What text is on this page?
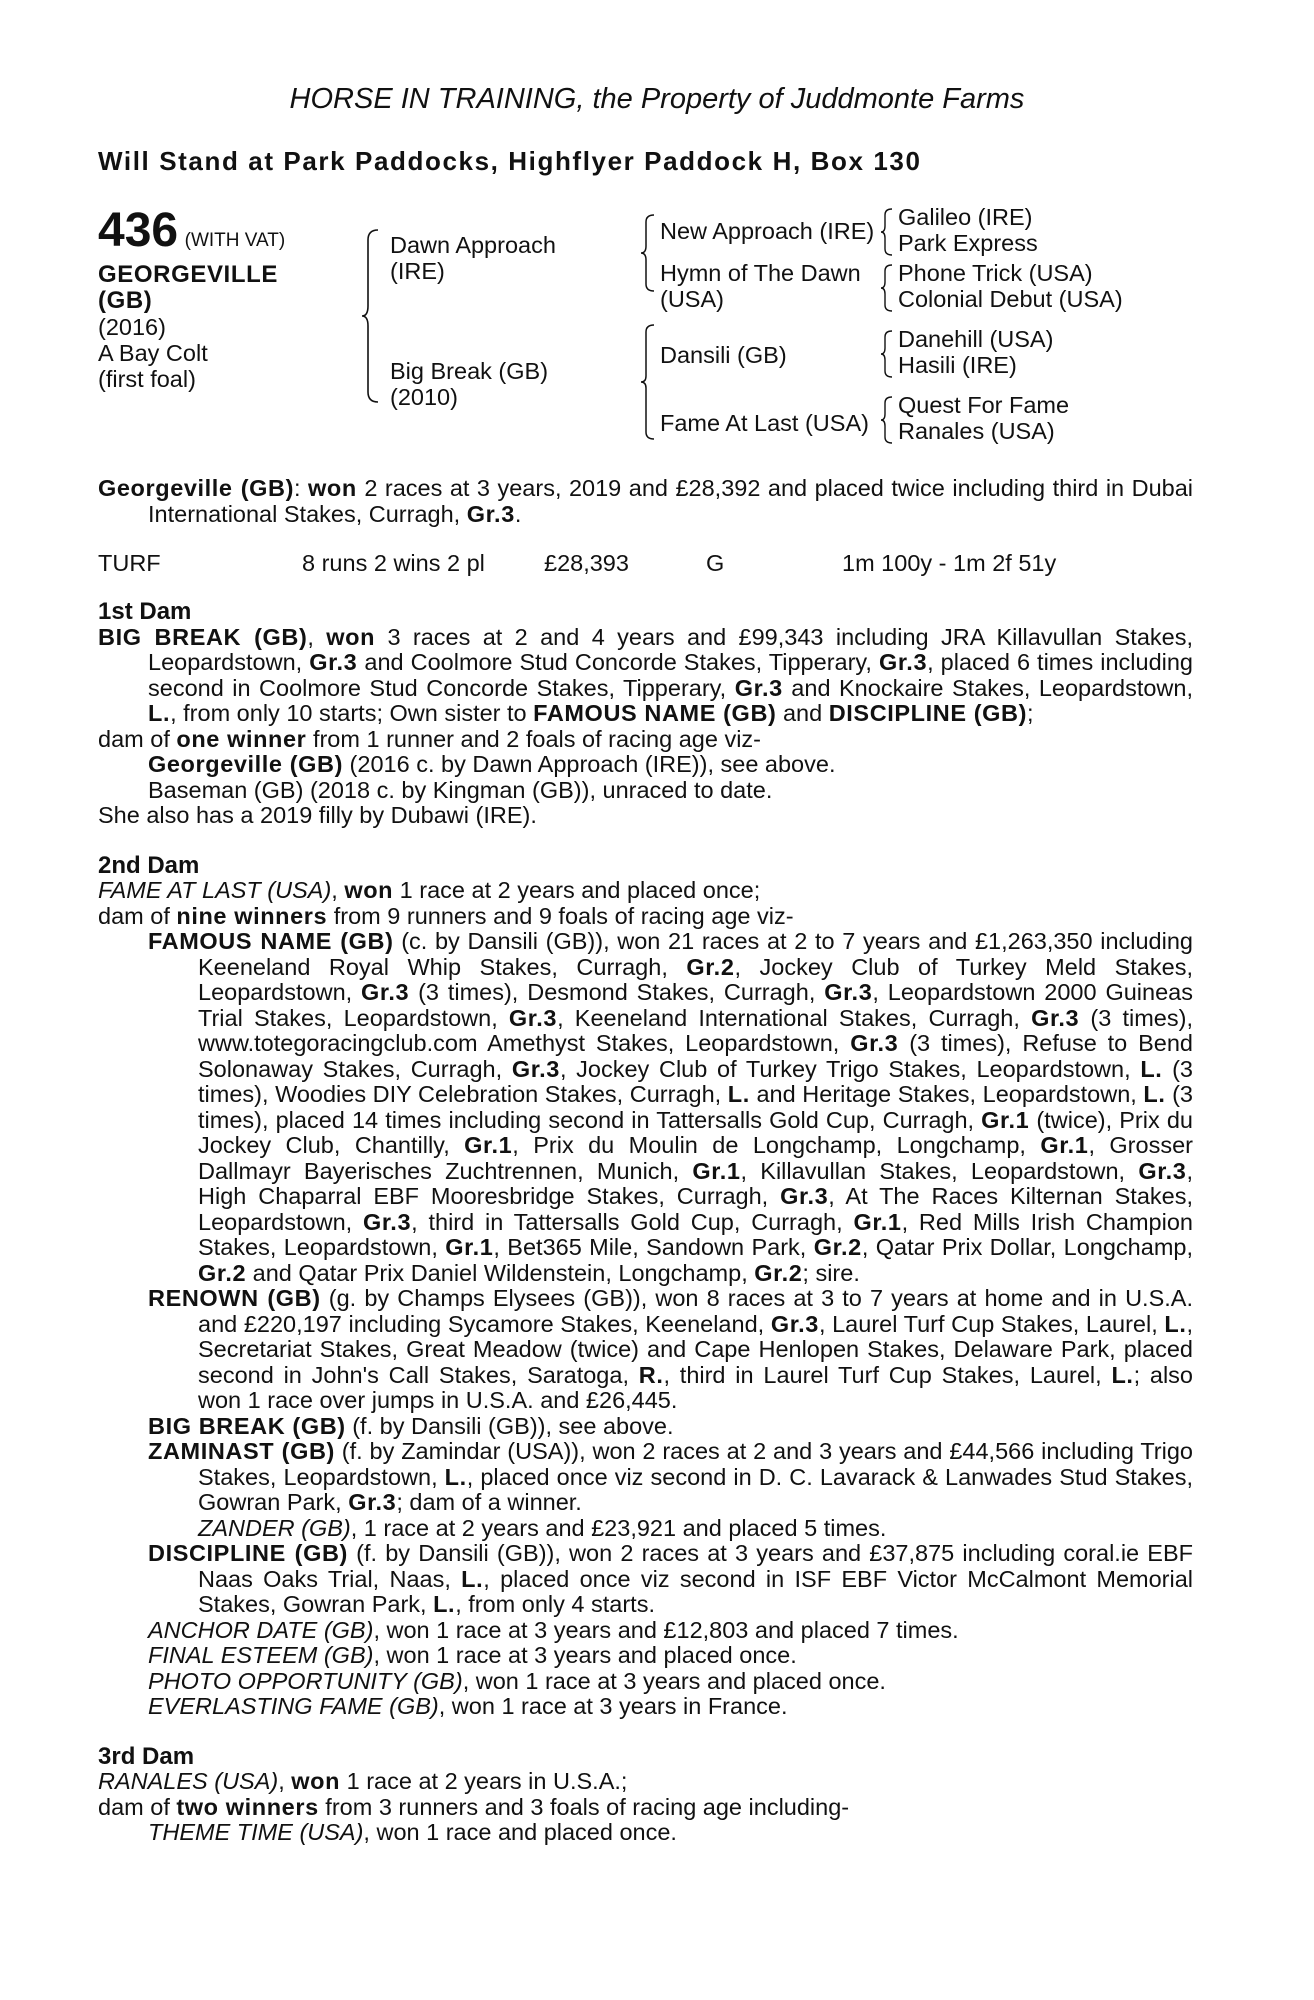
HORSE IN TRAINING, the Property of Juddmonte Farms
Will Stand at Park Paddocks, Highflyer Paddock H, Box 130
436 (WITH VAT)
GEORGEVILLE
(GB)
(2016)
A Bay Colt
(first foal)
Dawn Approach
(IRE)
Big Break (GB)
(2010)
New Approach (IRE)
Hymn of The Dawn
(USA)
Dansili (GB)
Fame At Last (USA)
Galileo (IRE)
Park Express
Phone Trick (USA)
Colonial Debut (USA)
Danehill (USA)
Hasili (IRE)
Quest For Fame
Ranales (USA)

Georgeville (GB): won 2 races at 3 years, 2019 and £28,392 and placed twice including third in Dubai International Stakes, Curragh, Gr.3.

TURF	8 runs 2 wins 2 pl	£28,393	G	1m 100y - 1m 2f 51y
1st Dam

BIG BREAK (GB), won 3 races at 2 and 4 years and £99,343 including JRA Killavullan Stakes, Leopardstown, Gr.3 and Coolmore Stud Concorde Stakes, Tipperary, Gr.3, placed 6 times including second in Coolmore Stud Concorde Stakes, Tipperary, Gr.3 and Knockaire Stakes, Leopardstown, L., from only 10 starts; Own sister to FAMOUS NAME (GB) and DISCIPLINE (GB);

dam of one winner from 1 runner and 2 foals of racing age viz-

Georgeville (GB) (2016 c. by Dawn Approach (IRE)), see above.

Baseman (GB) (2018 c. by Kingman (GB)), unraced to date.

She also has a 2019 filly by Dubawi (IRE).

2nd Dam

FAME AT LAST (USA), won 1 race at 2 years and placed once;

dam of nine winners from 9 runners and 9 foals of racing age viz-

FAMOUS NAME (GB) (c. by Dansili (GB)), won 21 races at 2 to 7 years and £1,263,350 including Keeneland Royal Whip Stakes, Curragh, Gr.2, Jockey Club of Turkey Meld Stakes, Leopardstown, Gr.3 (3 times), Desmond Stakes, Curragh, Gr.3, Leopardstown 2000 Guineas Trial Stakes, Leopardstown, Gr.3, Keeneland International Stakes, Curragh, Gr.3 (3 times), www.totegoracingclub.com Amethyst Stakes, Leopardstown, Gr.3 (3 times), Refuse to Bend Solonaway Stakes, Curragh, Gr.3, Jockey Club of Turkey Trigo Stakes, Leopardstown, L. (3 times), Woodies DIY Celebration Stakes, Curragh, L. and Heritage Stakes, Leopardstown, L. (3 times), placed 14 times including second in Tattersalls Gold Cup, Curragh, Gr.1 (twice), Prix du Jockey Club, Chantilly, Gr.1, Prix du Moulin de Longchamp, Longchamp, Gr.1, Grosser Dallmayr Bayerisches Zuchtrennen, Munich, Gr.1, Killavullan Stakes, Leopardstown, Gr.3, High Chaparral EBF Mooresbridge Stakes, Curragh, Gr.3, At The Races Kilternan Stakes, Leopardstown, Gr.3, third in Tattersalls Gold Cup, Curragh, Gr.1, Red Mills Irish Champion Stakes, Leopardstown, Gr.1, Bet365 Mile, Sandown Park, Gr.2, Qatar Prix Dollar, Longchamp, Gr.2 and Qatar Prix Daniel Wildenstein, Longchamp, Gr.2; sire.

RENOWN (GB) (g. by Champs Elysees (GB)), won 8 races at 3 to 7 years at home and in U.S.A. and £220,197 including Sycamore Stakes, Keeneland, Gr.3, Laurel Turf Cup Stakes, Laurel, L., Secretariat Stakes, Great Meadow (twice) and Cape Henlopen Stakes, Delaware Park, placed second in John's Call Stakes, Saratoga, R., third in Laurel Turf Cup Stakes, Laurel, L.; also won 1 race over jumps in U.S.A. and £26,445.

BIG BREAK (GB) (f. by Dansili (GB)), see above.

ZAMINAST (GB) (f. by Zamindar (USA)), won 2 races at 2 and 3 years and £44,566 including Trigo Stakes, Leopardstown, L., placed once viz second in D. C. Lavarack & Lanwades Stud Stakes, Gowran Park, Gr.3; dam of a winner.

ZANDER (GB), 1 race at 2 years and £23,921 and placed 5 times.

DISCIPLINE (GB) (f. by Dansili (GB)), won 2 races at 3 years and £37,875 including coral.ie EBF Naas Oaks Trial, Naas, L., placed once viz second in ISF EBF Victor McCalmont Memorial Stakes, Gowran Park, L., from only 4 starts.

ANCHOR DATE (GB), won 1 race at 3 years and £12,803 and placed 7 times.

FINAL ESTEEM (GB), won 1 race at 3 years and placed once.

PHOTO OPPORTUNITY (GB), won 1 race at 3 years and placed once.

EVERLASTING FAME (GB), won 1 race at 3 years in France.

3rd Dam

RANALES (USA), won 1 race at 2 years in U.S.A.;

dam of two winners from 3 runners and 3 foals of racing age including-

THEME TIME (USA), won 1 race and placed once.
